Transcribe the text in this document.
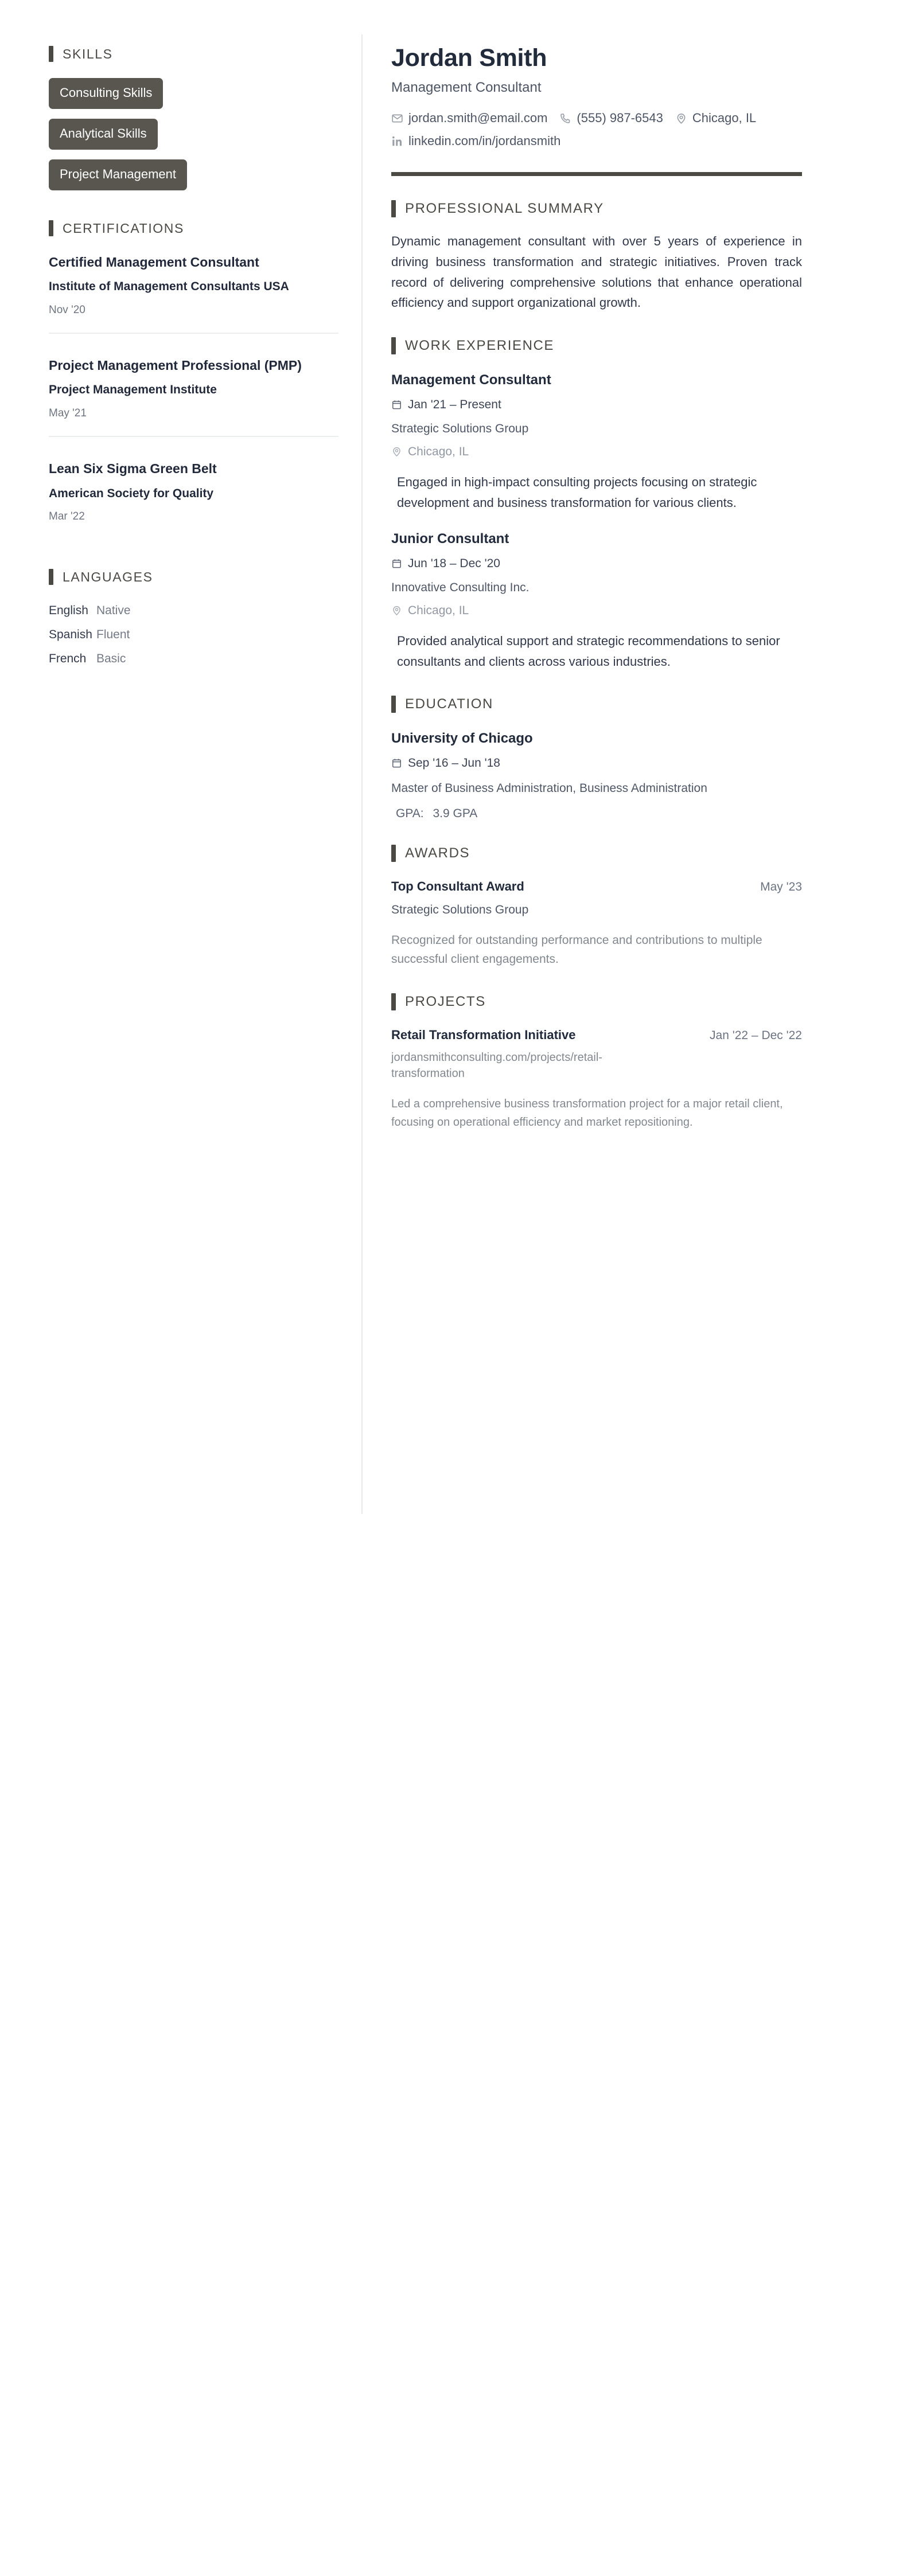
SKILLS
Consulting Skills
Analytical Skills
Project Management
CERTIFICATIONS
Certified Management Consultant
Institute of Management Consultants USA
Nov '20
Project Management Professional (PMP)
Project Management Institute
May '21
Lean Six Sigma Green Belt
American Society for Quality
Mar '22
LANGUAGES
English Native
Spanish Fluent
French Basic
Jordan Smith
Management Consultant
jordan.smith@email.com (555) 987-6543 Chicago, IL
linkedin.com/in/jordansmith
PROFESSIONAL SUMMARY

Dynamic management consultant with over 5 years of experience in driving business transformation and strategic initiatives. Proven track record of delivering comprehensive solutions that enhance operational efficiency and support organizational growth.

WORK EXPERIENCE
Management Consultant
Jan '21 – Present
Strategic Solutions Group
Chicago, IL

Engaged in high-impact consulting projects focusing on strategic development and business transformation for various clients.

Junior Consultant
Jun '18 – Dec '20
Innovative Consulting Inc.
Chicago, IL

Provided analytical support and strategic recommendations to senior consultants and clients across various industries.

EDUCATION
University of Chicago
Sep '16 – Jun '18
Master of Business Administration, Business Administration
GPA: 3.9 GPA
AWARDS
Top Consultant Award	May '23
Strategic Solutions Group

Recognized for outstanding performance and contributions to multiple successful client engagements.

PROJECTS
Retail Transformation Initiative	Jan '22 – Dec '22
jordansmithconsulting.com/projects/retail-transformation

Led a comprehensive business transformation project for a major retail client, focusing on operational efficiency and market repositioning.
